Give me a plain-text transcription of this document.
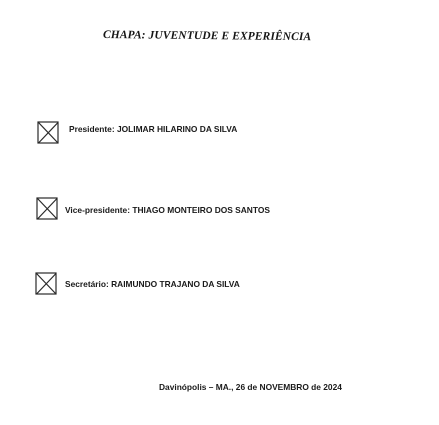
CHAPA: JUVENTUDE E EXPERIÊNCIA
Presidente: JOLIMAR HILARINO DA SILVA
Vice-presidente: THIAGO MONTEIRO DOS SANTOS
Secretário: RAIMUNDO TRAJANO DA SILVA
Davinópolis – MA., 26 de NOVEMBRO de 2024
